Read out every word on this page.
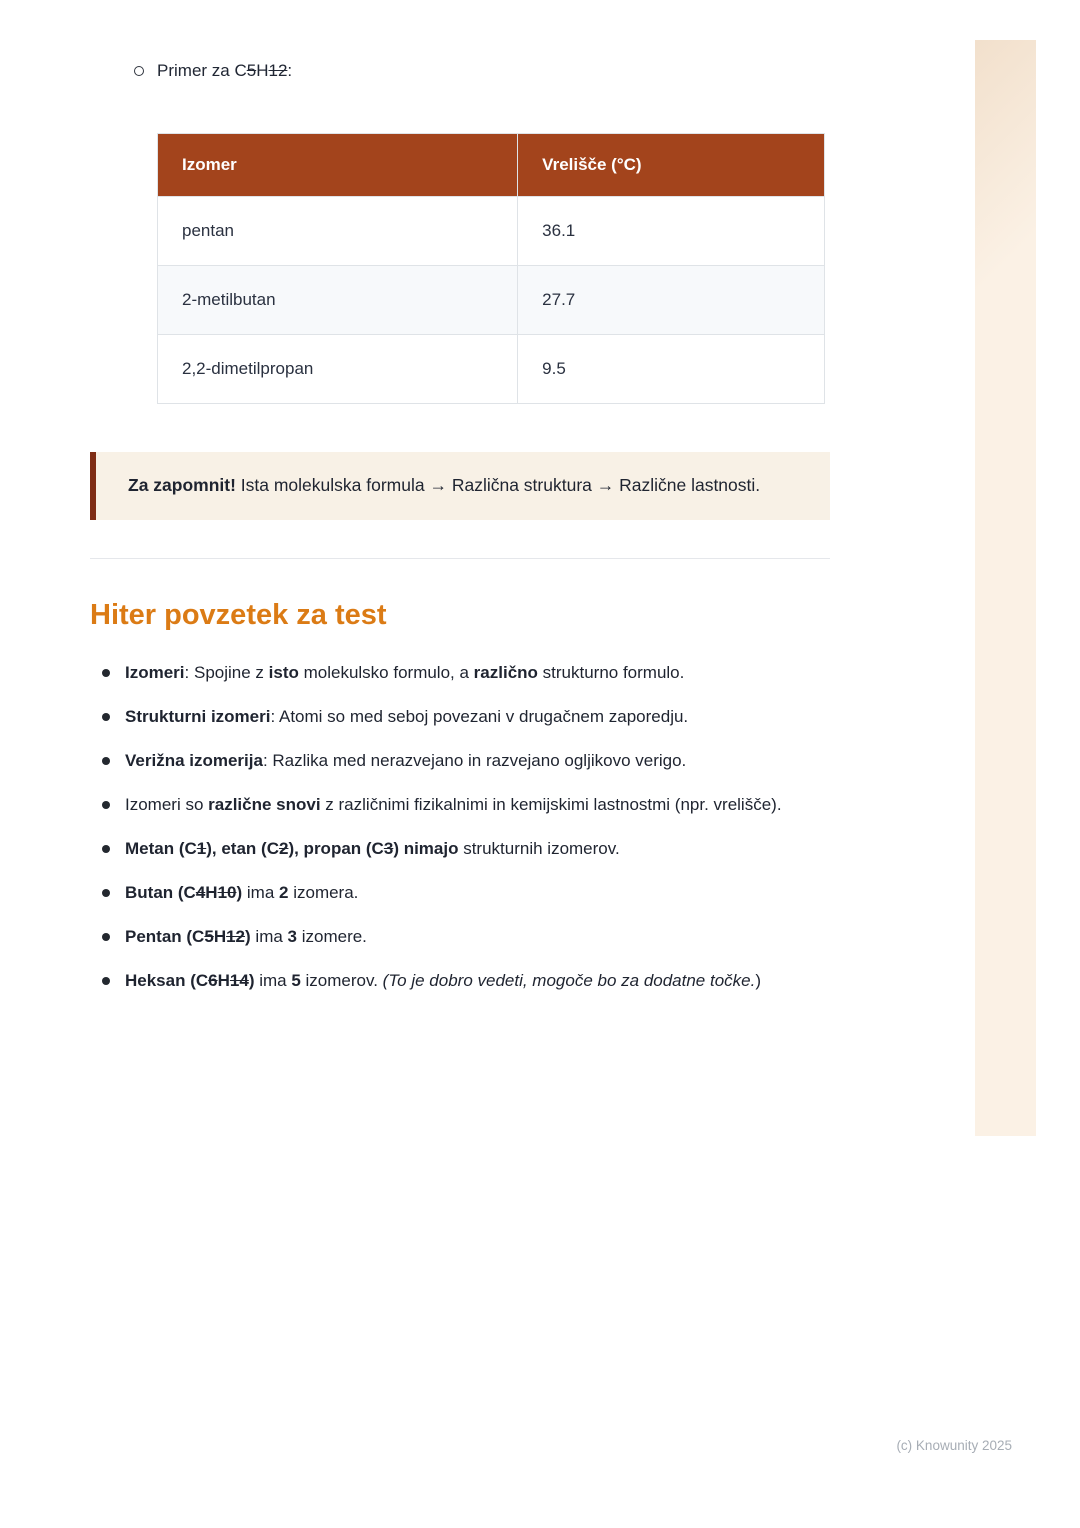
Primer za C5H12:
Izomer	Vrelišče (°C)
pentan	36.1
2-metilbutan	27.7
2,2-dimetilpropan	9.5

Za zapomnit! Ista molekulska formula → Različna struktura → Različne lastnosti.

Hiter povzetek za test
Izomeri: Spojine z isto molekulsko formulo, a različno strukturno formulo.
Strukturni izomeri: Atomi so med seboj povezani v drugačnem zaporedju.
Verižna izomerija: Razlika med nerazvejano in razvejano ogljikovo verigo.
Izomeri so različne snovi z različnimi fizikalnimi in kemijskimi lastnostmi (npr. vrelišče).
Metan (C1), etan (C2), propan (C3) nimajo strukturnih izomerov.
Butan (C4H10) ima 2 izomera.
Pentan (C5H12) ima 3 izomere.
Heksan (C6H14) ima 5 izomerov. (To je dobro vedeti, mogoče bo za dodatne točke.)
(c) Knowunity 2025
